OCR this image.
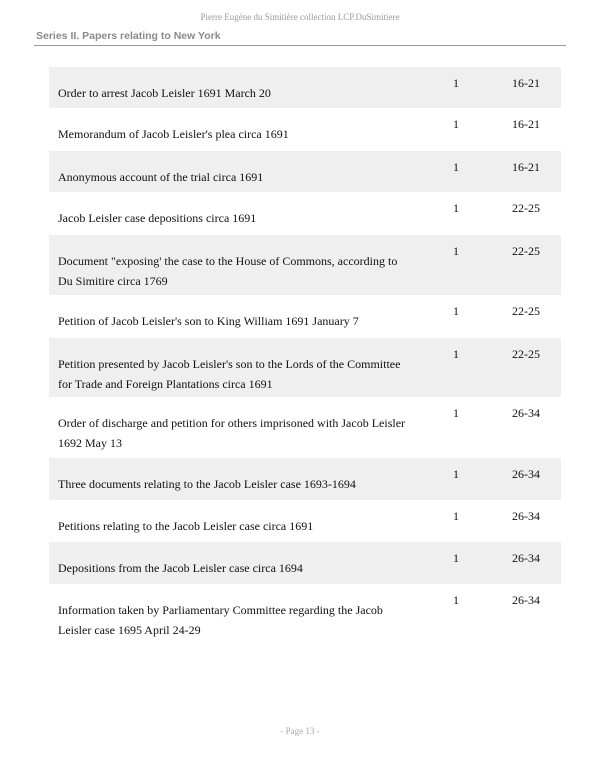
Pierre Eugène du Simitière collection LCP.DuSimitiere
Series II. Papers relating to New York
Order to arrest Jacob Leisler 1691 March 20
1	16-21
Memorandum of Jacob Leisler's plea circa 1691
1	16-21
Anonymous account of the trial circa 1691
1	16-21
Jacob Leisler case depositions circa 1691
1	22-25
Document "exposing' the case to the House of Commons, according to Du Simitire circa 1769
1	22-25
Petition of Jacob Leisler's son to King William 1691 January 7
1	22-25
Petition presented by Jacob Leisler's son to the Lords of the Committee for Trade and Foreign Plantations circa 1691
1	22-25
Order of discharge and petition for others imprisoned with Jacob Leisler 1692 May 13
1	26-34
Three documents relating to the Jacob Leisler case 1693-1694
1	26-34
Petitions relating to the Jacob Leisler case circa 1691
1	26-34
Depositions from the Jacob Leisler case circa 1694
1	26-34
Information taken by Parliamentary Committee regarding the Jacob Leisler case 1695 April 24-29
1	26-34
- Page 13 -
